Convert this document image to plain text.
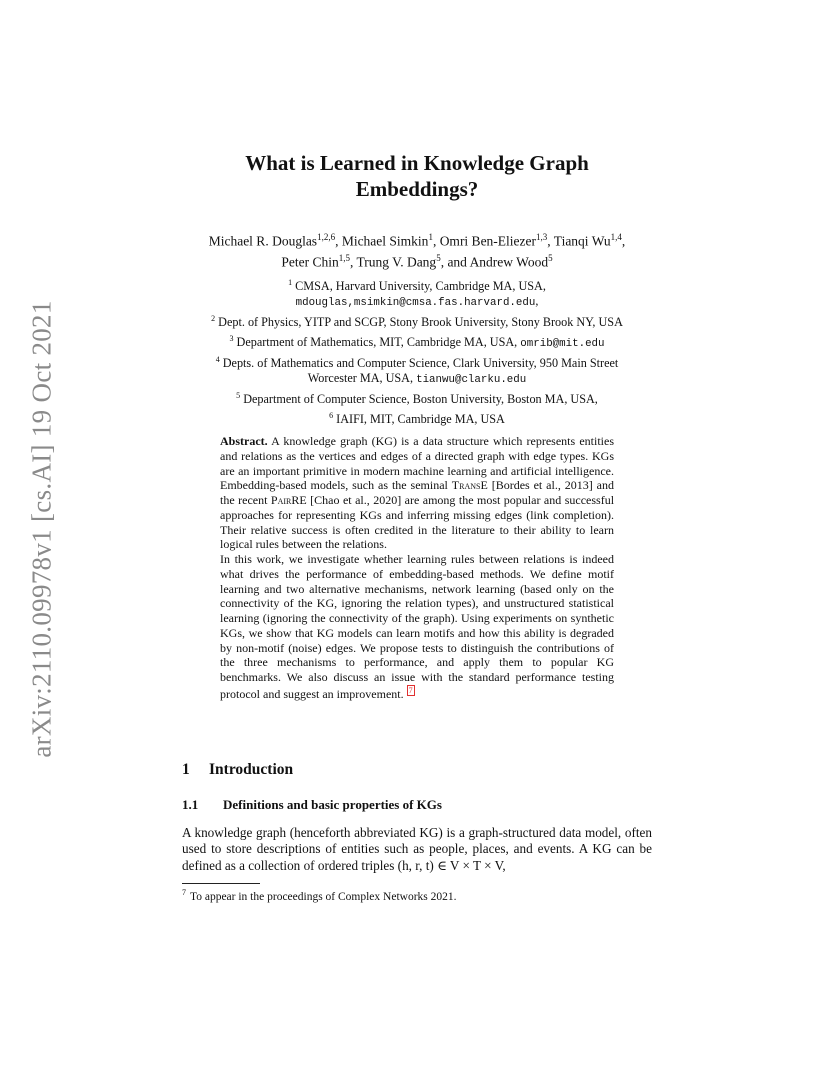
arXiv:2110.09978v1 [cs.AI] 19 Oct 2021
What is Learned in Knowledge Graph
Embeddings?
Michael R. Douglas$^{1,2,6}$, Michael Simkin$^1$, Omri Ben-Eliezer$^{1,3}$, Tianqi Wu$^{1,4}$,
Peter Chin$^{1,5}$, Trung V. Dang$^5$, and Andrew Wood$^5$
$^1$ CMSA, Harvard University, Cambridge MA, USA,
mdouglas,msimkin@cmsa.fas.harvard.edu,
$^2$ Dept. of Physics, YITP and SCGP, Stony Brook University, Stony Brook NY, USA
$^3$ Department of Mathematics, MIT, Cambridge MA, USA, omrib@mit.edu
$^4$ Depts. of Mathematics and Computer Science, Clark University, 950 Main Street
Worcester MA, USA, tianwu@clarku.edu
$^5$ Department of Computer Science, Boston University, Boston MA, USA,
$^6$ IAIFI, MIT, Cambridge MA, USA

Abstract. A knowledge graph (KG) is a data structure which represents entities and relations as the vertices and edges of a directed graph with edge types. KGs are an important primitive in modern machine learning and artificial intelligence. Embedding-based models, such as the seminal TransE [Bordes et al., 2013] and the recent PairRE [Chao et al., 2020] are among the most popular and successful approaches for representing KGs and inferring missing edges (link completion). Their relative success is often credited in the literature to their ability to learn logical rules between the relations.

In this work, we investigate whether learning rules between relations is indeed what drives the performance of embedding-based methods. We define motif learning and two alternative mechanisms, network learning (based only on the connectivity of the KG, ignoring the relation types), and unstructured statistical learning (ignoring the connectivity of the graph). Using experiments on synthetic KGs, we show that KG models can learn motifs and how this ability is degraded by non-motif (noise) edges. We propose tests to distinguish the contributions of the three mechanisms to performance, and apply them to popular KG benchmarks. We also discuss an issue with the standard performance testing protocol and suggest an improvement. 7

1 Introduction
1.1 Definitions and basic properties of KGs

A knowledge graph (henceforth abbreviated KG) is a graph-structured data model, often used to store descriptions of entities such as people, places, and events. A KG can be defined as a collection of ordered triples (h, r, t) ∈ V × T × V,

$^7$ To appear in the proceedings of Complex Networks 2021.
